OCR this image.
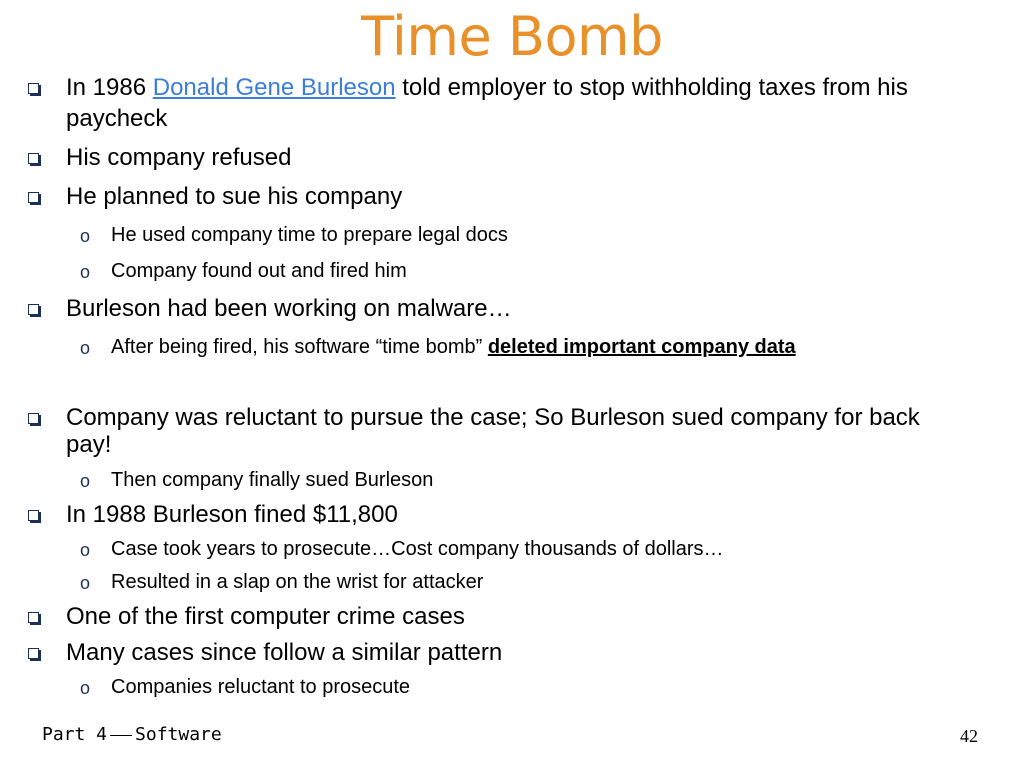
Time Bomb
In 1986 Donald Gene Burleson told employer to stop withholding taxes from his
paycheck
His company refused
He planned to sue his company
o He used company time to prepare legal docs
o Company found out and fired him
Burleson had been working on malware…
o After being fired, his software “time bomb” deleted important company data
Company was reluctant to pursue the case; So Burleson sued company for back
pay!
o Then company finally sued Burleson
In 1988 Burleson fined $11,800
o Case took years to prosecute…Cost company thousands of dollars…
o Resulted in a slap on the wrist for attacker
One of the first computer crime cases
Many cases since follow a similar pattern
o Companies reluctant to prosecute
Part 4 Software	42
